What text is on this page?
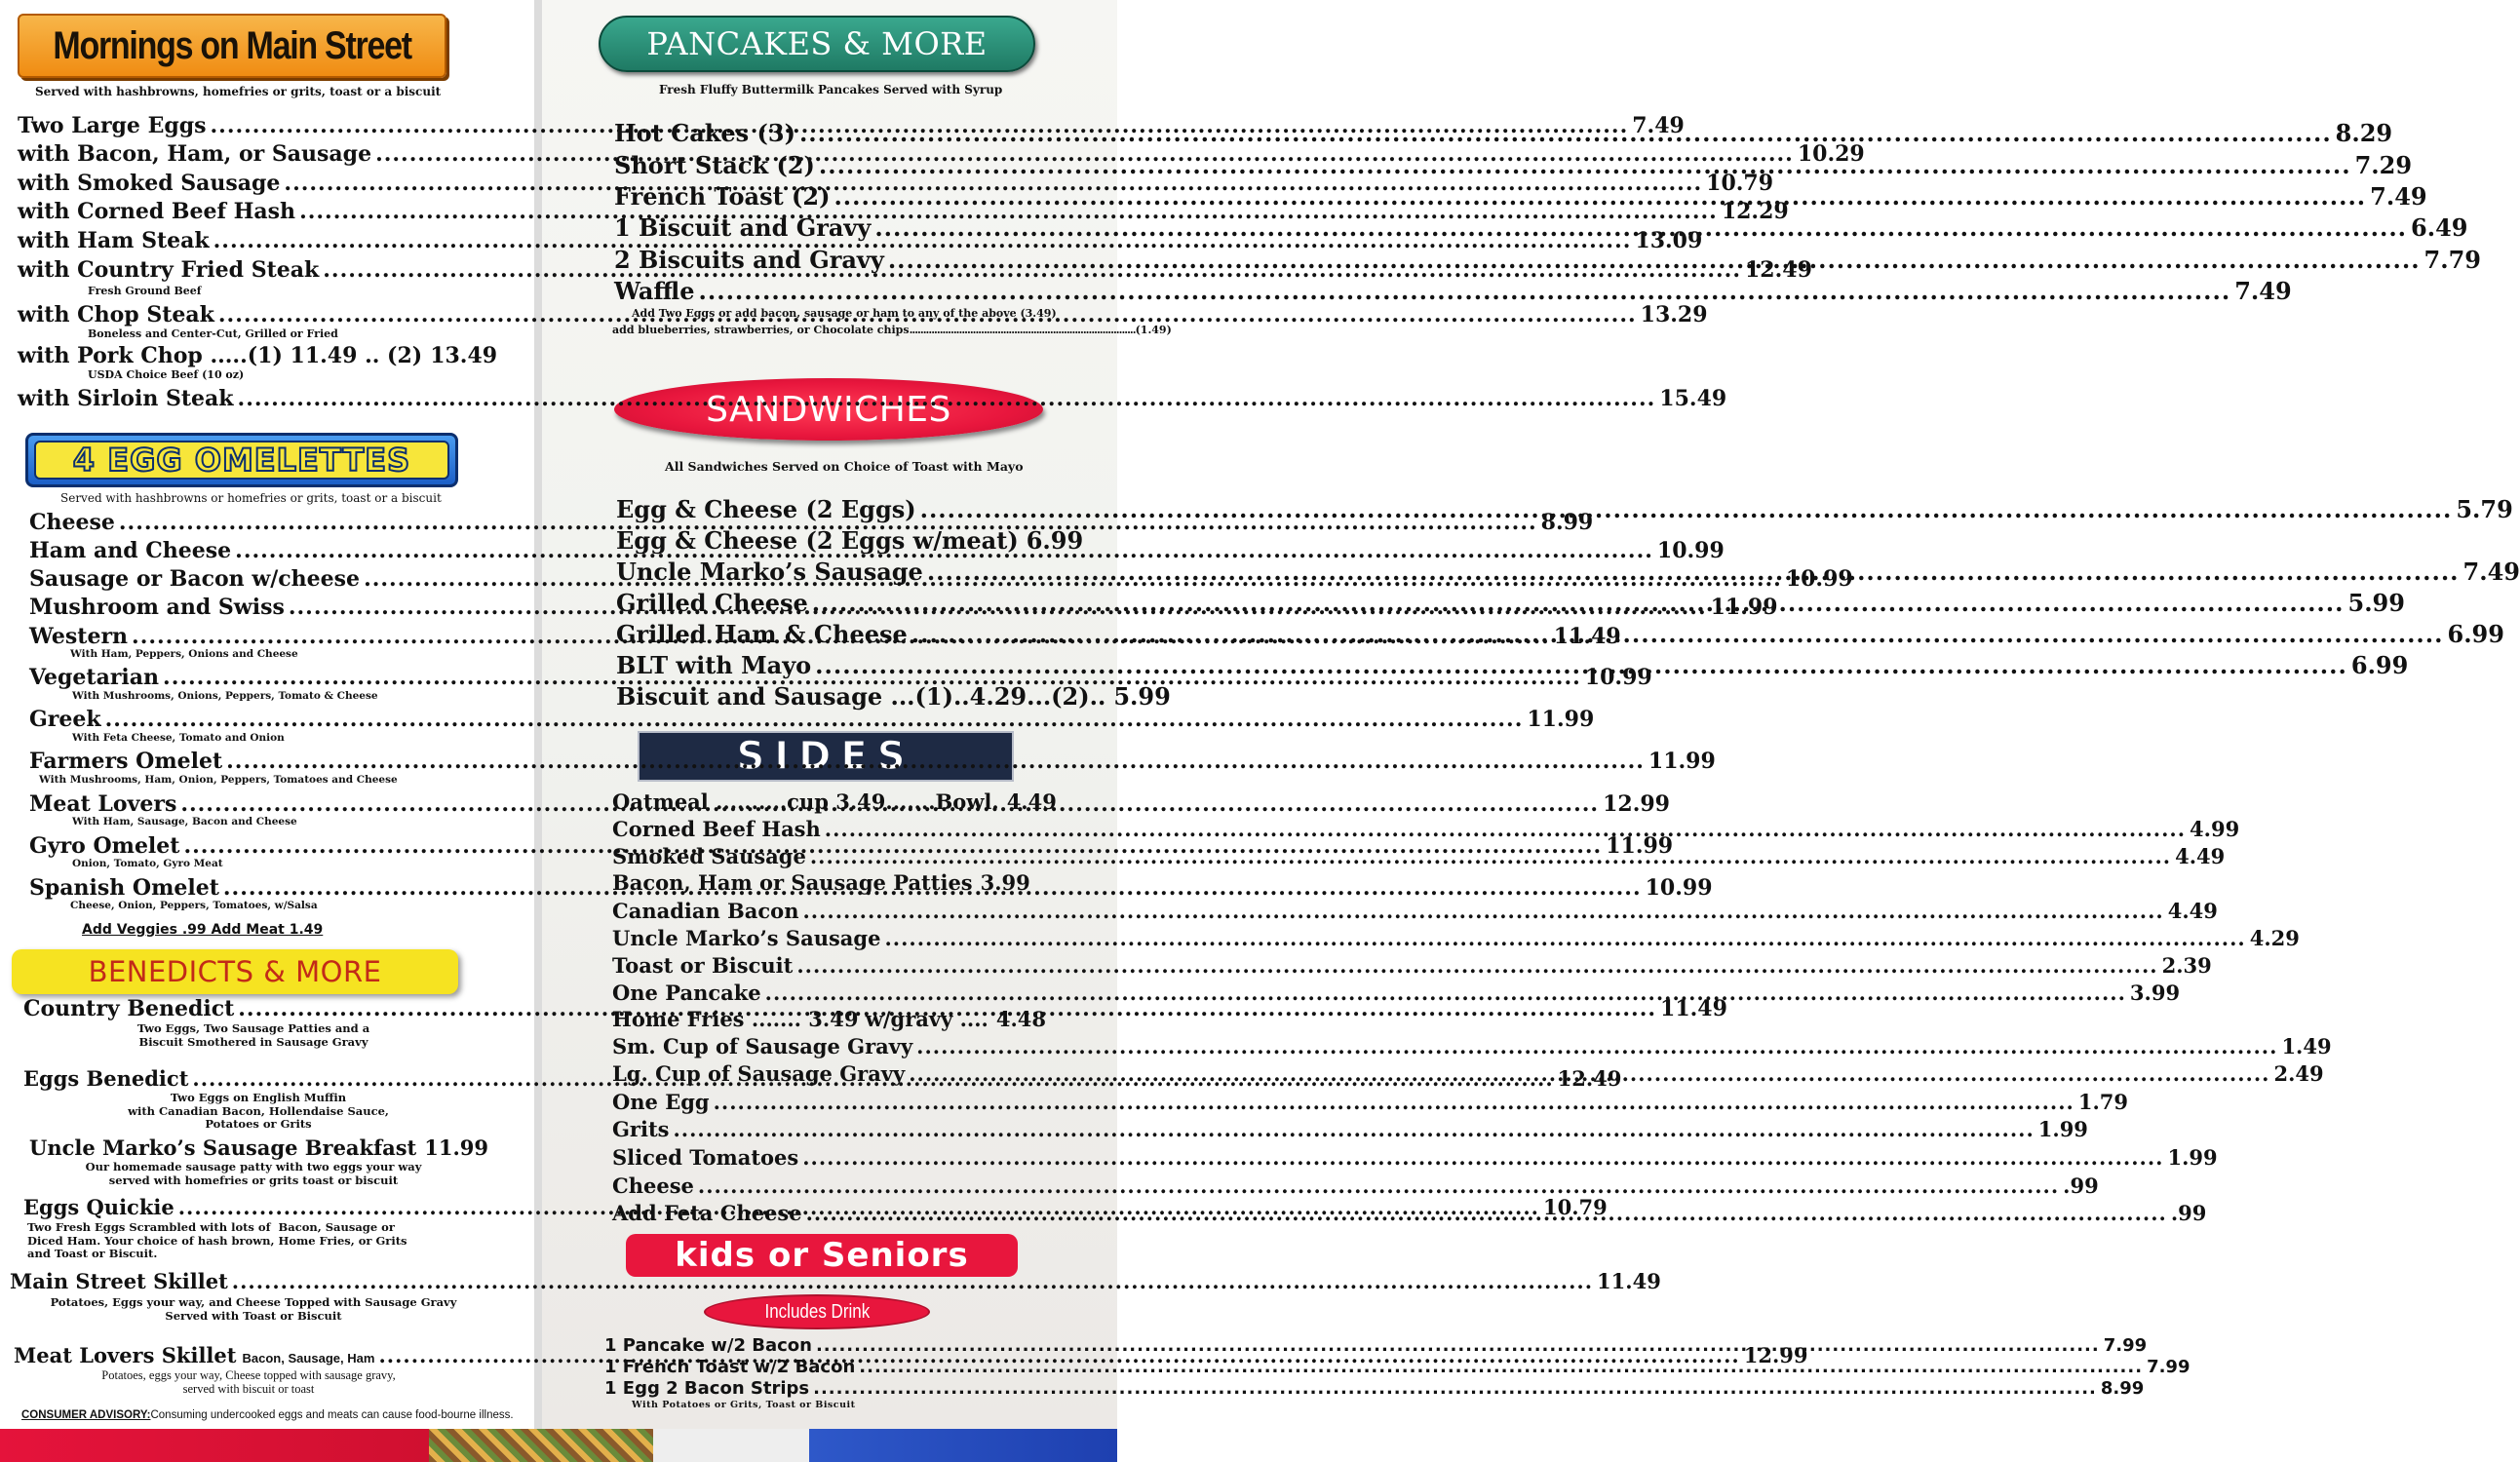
Mornings on Main Street
Served with hashbrowns, homefries or grits, toast or a biscuit
4 EGG OMELETTES
Served with hashbrowns or homefries or grits, toast or a biscuit
Add Veggies .99 Add Meat 1.49
BENEDICTS & MORE
CONSUMER ADVISORY:Consuming undercooked eggs and meats can cause food-bourne illness.
PANCAKES & MORE
Fresh Fluffy Buttermilk Pancakes Served with Syrup
Add Two Eggs or add bacon, sausage or ham to any of the above (3.49)
add blueberries, strawberries, or Chocolate chips .................................................................................. (1.49)
SANDWICHES
All Sandwiches Served on Choice of Toast with Mayo
SIDES
kids or Seniors
Includes Drink
With Potatoes or Grits, Toast or Biscuit
Two Large Eggs .....	7.49
with Bacon, Ham, or Sausage .....	10.29
with Smoked Sausage .....	10.79
with Corned Beef Hash .....	12.29
with Ham Steak .....	13.09
with Country Fried Steak .....	12.49
with Chop Steak .....	13.29
Fresh Ground Beef
with Pork Chop .....(1) 11.49 .. (2) 13.49
Boneless and Center-Cut, Grilled or Fried
with Sirloin Steak .....	15.49
USDA Choice Beef (10 oz)
Cheese .....	8.99
Ham and Cheese .....	10.99
Sausage or Bacon w/cheese .....	10.99
Mushroom and Swiss .....	11.99
Western .....	11.49
With Ham, Peppers, Onions and Cheese
Vegetarian .....	10.99
With Mushrooms, Onions, Peppers, Tomato & Cheese
Greek .....	11.99
With Feta Cheese, Tomato and Onion
Farmers Omelet .....	11.99
With Mushrooms, Ham, Onion, Peppers, Tomatoes and Cheese
Meat Lovers .....	12.99
With Ham, Sausage, Bacon and Cheese
Gyro Omelet .....	11.99
Onion, Tomato, Gyro Meat
Spanish Omelet .....	10.99
Cheese, Onion, Peppers, Tomatoes, w/Salsa
Country Benedict .....	11.49
Two Eggs, Two Sausage Patties and a
Biscuit Smothered in Sausage Gravy
Eggs Benedict .....	12.49
Two Eggs on English Muffin
with Canadian Bacon, Hollendaise Sauce,
Potatoes or Grits
Uncle Marko’s Sausage Breakfast 11.99
Our homemade sausage patty with two eggs your way
served with homefries or grits toast or biscuit
Eggs Quickie .....	10.79
Two Fresh Eggs Scrambled with lots of  Bacon, Sausage or
Diced Ham. Your choice of hash brown, Home Fries, or Grits
and Toast or Biscuit.
Main Street Skillet .....	11.49
Potatoes, Eggs your way, and Cheese Topped with Sausage Gravy
Served with Toast or Biscuit
Meat Lovers Skillet Bacon, Sausage, Ham .....	12.99
Potatoes, eggs your way, Cheese topped with sausage gravy,
served with biscuit or toast
Hot Cakes (3) .....	8.29
Short Stack (2) .....	7.29
French Toast (2) .....	7.49
1 Biscuit and Gravy .....	6.49
2 Biscuits and Gravy .....	7.79
Waffle .....	7.49
Egg & Cheese (2 Eggs) .....	5.79
Egg & Cheese (2 Eggs w/meat) 6.99
Uncle Marko’s Sausage .....	7.49
Grilled Cheese .....	5.99
Grilled Ham & Cheese .....	6.99
BLT with Mayo .....	6.99
Biscuit and Sausage ...(1)..4.29...(2).. 5.99
Oatmeal ..........cup 3.49.......Bowl. 4.49
Corned Beef Hash .....	4.99
Smoked Sausage .....	4.49
Bacon, Ham or Sausage Patties 3.99
Canadian Bacon .....	4.49
Uncle Marko’s Sausage .....	4.29
Toast or Biscuit .....	2.39
One Pancake .....	3.99
Home Fries ....... 3.49 w/gravy .... 4.48
Sm. Cup of Sausage Gravy .....	1.49
Lg. Cup of Sausage Gravy .....	2.49
One Egg .....	1.79
Grits .....	1.99
Sliced Tomatoes .....	1.99
Cheese .....	.99
Add Feta Cheese .....	.99
1 Pancake w/2 Bacon .....	7.99
1 French Toast w/2 Bacon .....	7.99
1 Egg 2 Bacon Strips .....	8.99
